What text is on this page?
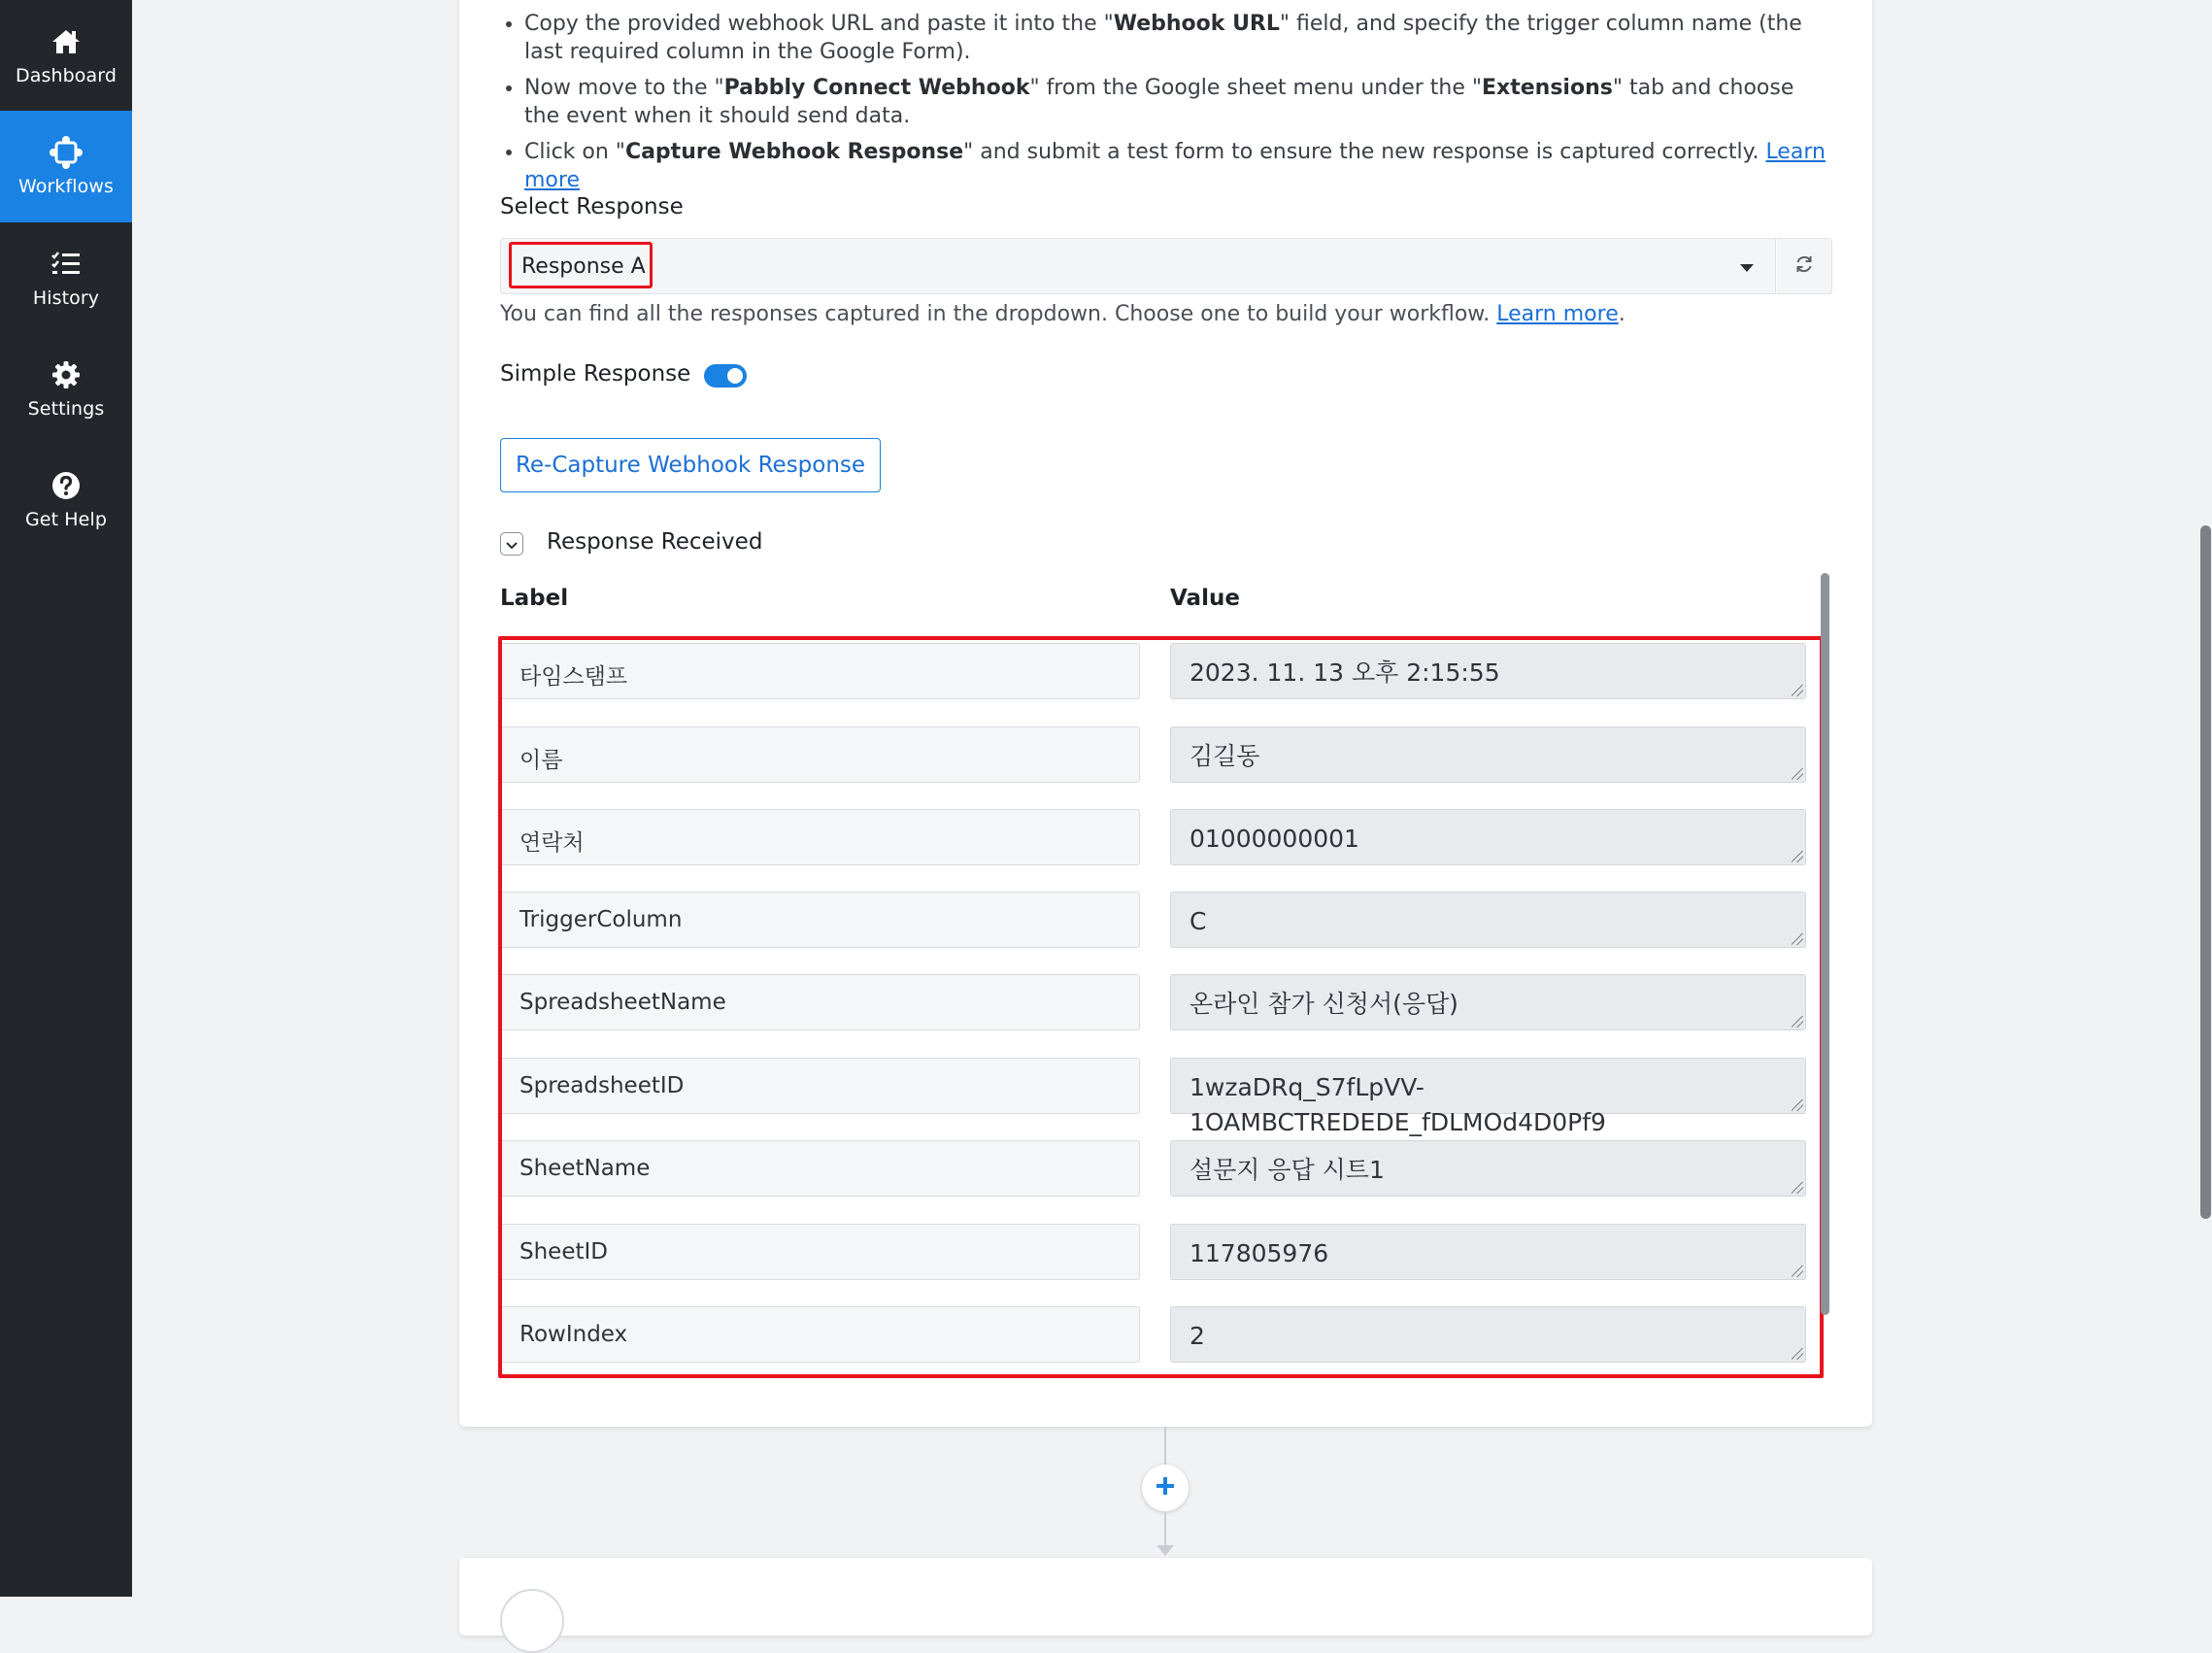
Dashboard
Workflows
History
Settings
Get Help
• Copy the provided webhook URL and paste it into the "Webhook URL" field, and specify the trigger column name (the last required column in the Google Form).
• Now move to the "Pabbly Connect Webhook" from the Google sheet menu under the "Extensions" tab and choose the event when it should send data.
• Click on "Capture Webhook Response" and submit a test form to ensure the new response is captured correctly. Learn more
Select Response
Response A
You can find all the responses captured in the dropdown. Choose one to build your workflow. Learn more.
Simple Response
Re-Capture Webhook Response
Response Received
Label	Value
타임스탬프	2023. 11. 13 오후 2:15:55
이름	김길동
연락처	01000000001
TriggerColumn	C
SpreadsheetName	온라인 참가 신청서(응답)
SpreadsheetID	1wzaDRq_S7fLpVV-
1OAMBCTREDEDE_fDLMOd4D0Pf9
SheetName	설문지 응답 시트1
SheetID	117805976
RowIndex	2
